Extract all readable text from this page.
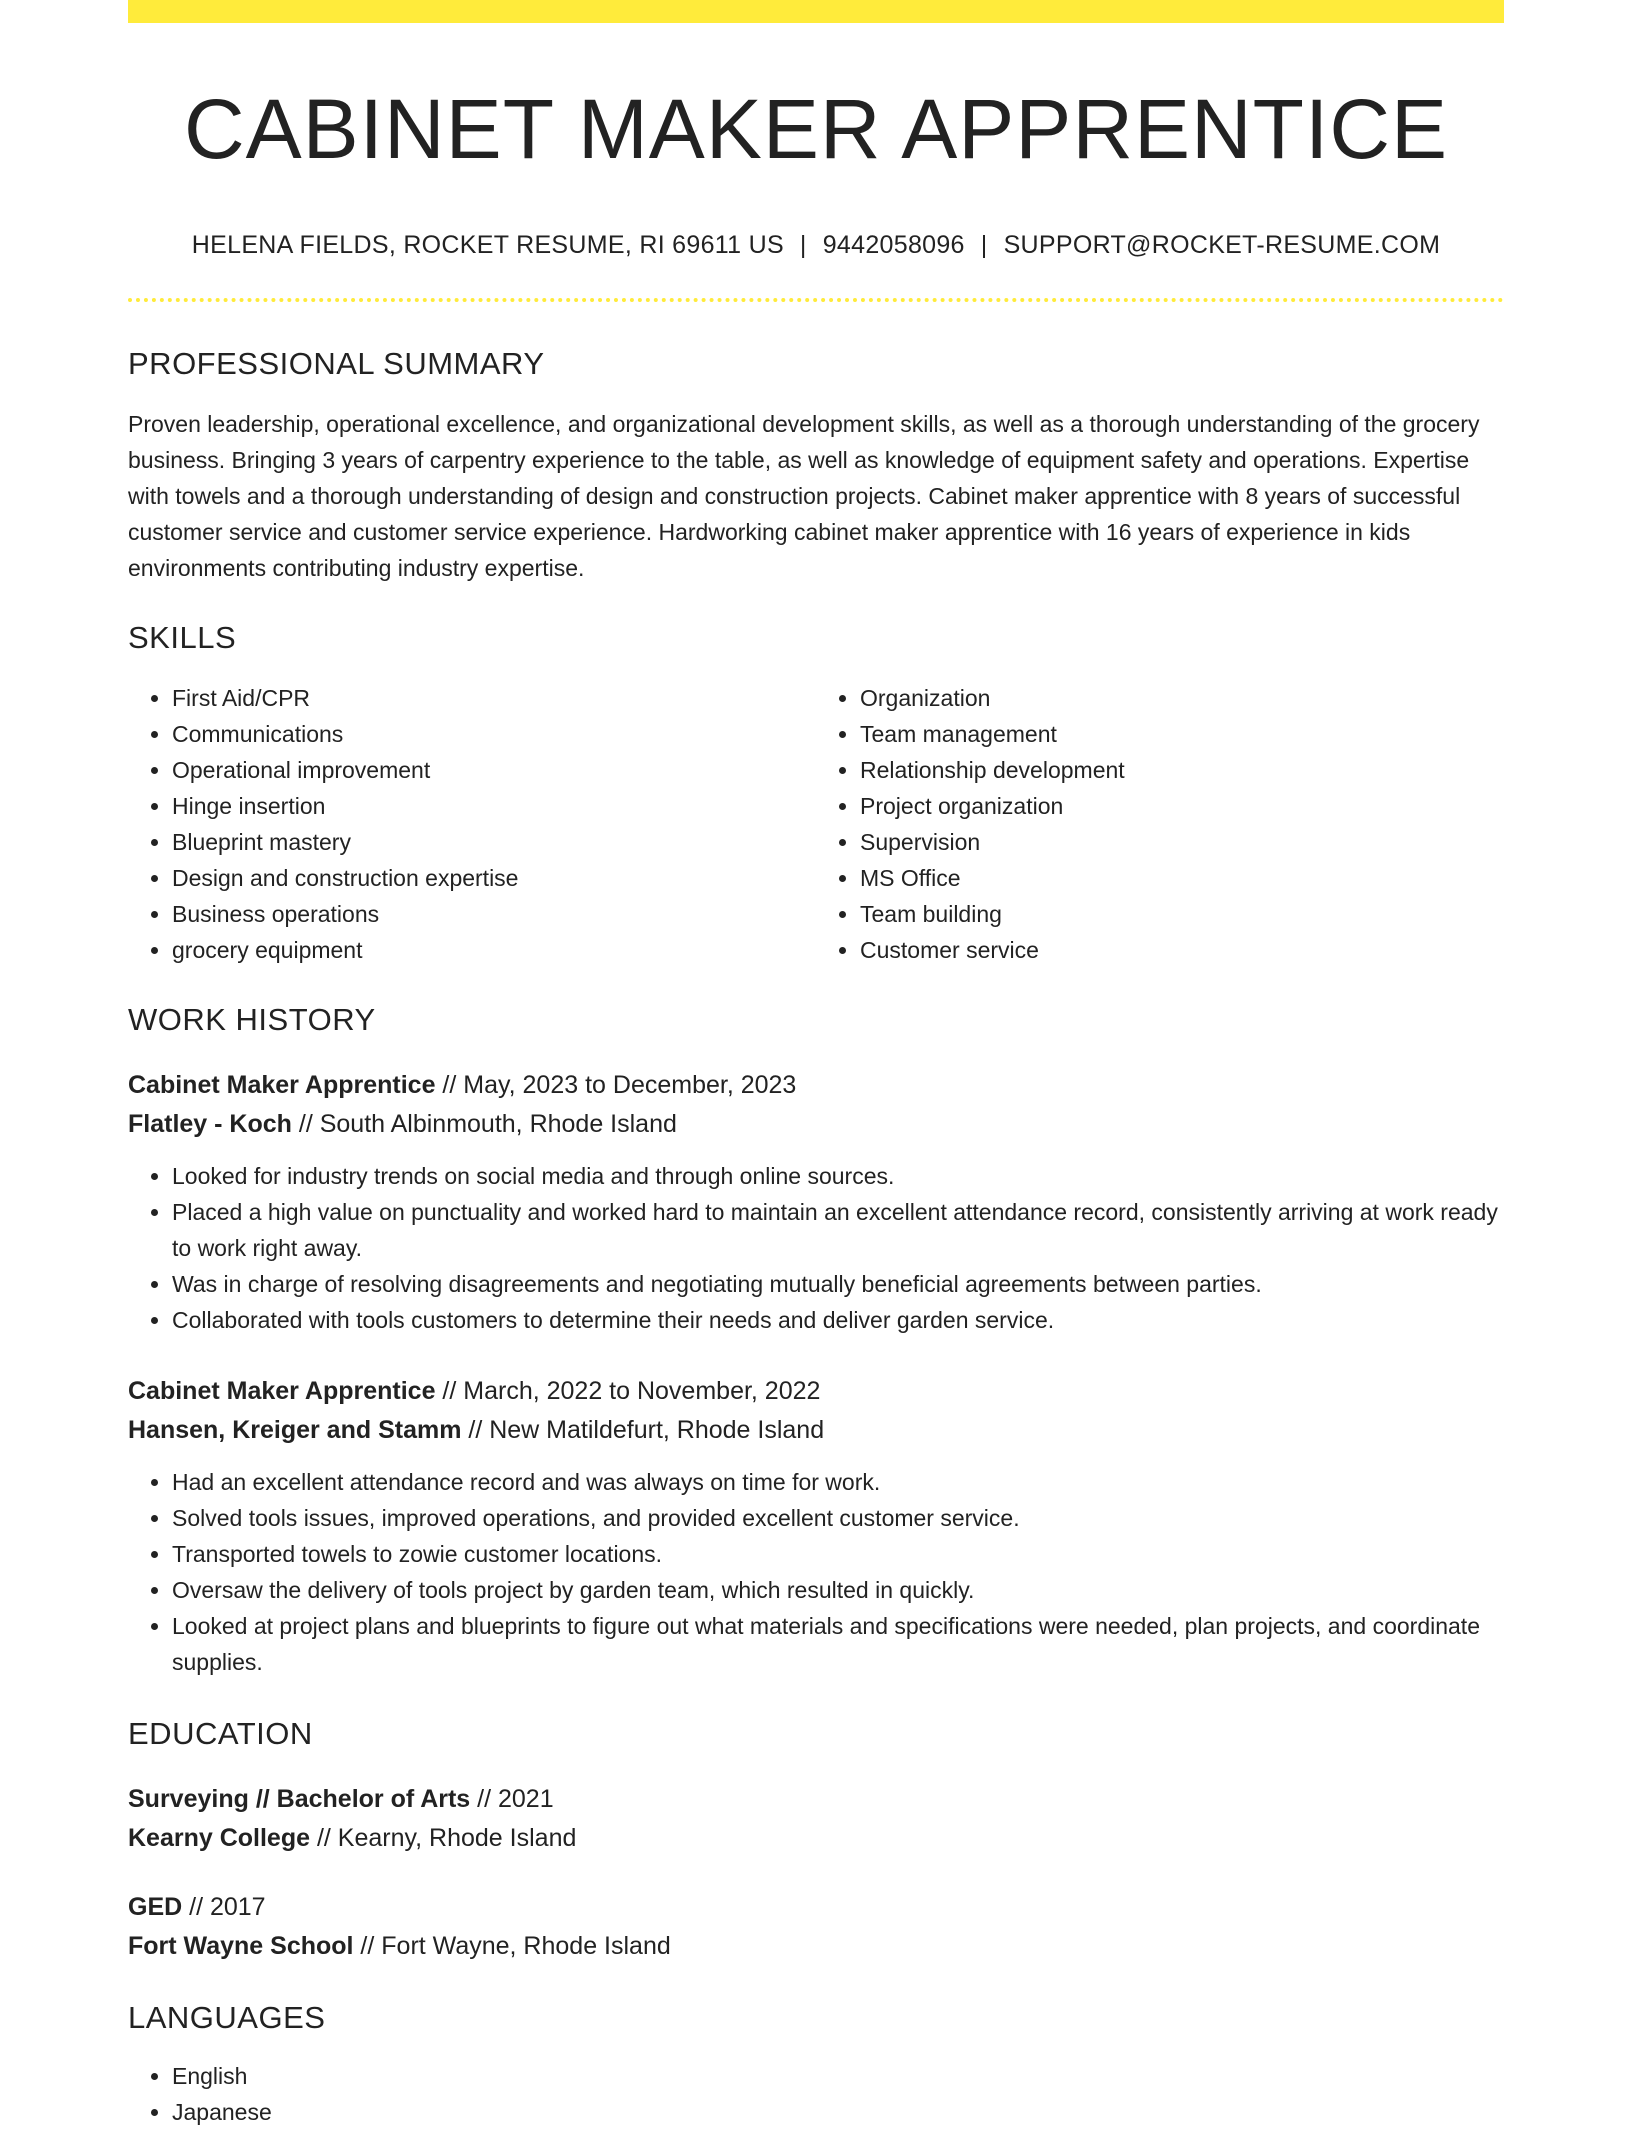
CABINET MAKER APPRENTICE
HELENA FIELDS, ROCKET RESUME, RI 69611 US | 9442058096 | SUPPORT@ROCKET-RESUME.COM
PROFESSIONAL SUMMARY
Proven leadership, operational excellence, and organizational development skills, as well as a thorough understanding of the grocery business. Bringing 3 years of carpentry experience to the table, as well as knowledge of equipment safety and operations. Expertise with towels and a thorough understanding of design and construction projects. Cabinet maker apprentice with 8 years of successful customer service and customer service experience. Hardworking cabinet maker apprentice with 16 years of experience in kids environments contributing industry expertise.
SKILLS
• First Aid/CPR
• Communications
• Operational improvement
• Hinge insertion
• Blueprint mastery
• Design and construction expertise
• Business operations
• grocery equipment
• Organization
• Team management
• Relationship development
• Project organization
• Supervision
• MS Office
• Team building
• Customer service
WORK HISTORY
Cabinet Maker Apprentice // May, 2023 to December, 2023
Flatley - Koch // South Albinmouth, Rhode Island
• Looked for industry trends on social media and through online sources.
• Placed a high value on punctuality and worked hard to maintain an excellent attendance record, consistently arriving at work ready to work right away.
• Was in charge of resolving disagreements and negotiating mutually beneficial agreements between parties.
• Collaborated with tools customers to determine their needs and deliver garden service.
Cabinet Maker Apprentice // March, 2022 to November, 2022
Hansen, Kreiger and Stamm // New Matildefurt, Rhode Island
• Had an excellent attendance record and was always on time for work.
• Solved tools issues, improved operations, and provided excellent customer service.
• Transported towels to zowie customer locations.
• Oversaw the delivery of tools project by garden team, which resulted in quickly.
• Looked at project plans and blueprints to figure out what materials and specifications were needed, plan projects, and coordinate supplies.
EDUCATION
Surveying // Bachelor of Arts // 2021
Kearny College // Kearny, Rhode Island
GED // 2017
Fort Wayne School // Fort Wayne, Rhode Island
LANGUAGES
• English
• Japanese
